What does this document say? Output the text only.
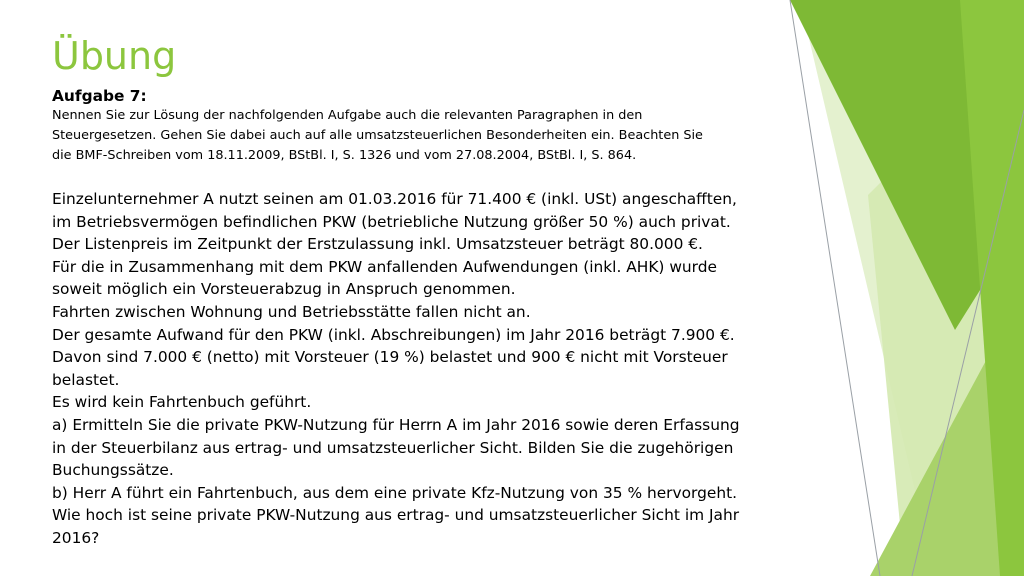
Übung

Aufgabe 7:

Nennen Sie zur Lösung der nachfolgenden Aufgabe auch die relevanten Paragraphen in den
Steuergesetzen. Gehen Sie dabei auch auf alle umsatzsteuerlichen Besonderheiten ein. Beachten Sie
die BMF-Schreiben vom 18.11.2009, BStBl. I, S. 1326 und vom 27.08.2004, BStBl. I, S. 864.

Einzelunternehmer A nutzt seinen am 01.03.2016 für 71.400 € (inkl. USt) angeschafften,
im Betriebsvermögen befindlichen PKW (betriebliche Nutzung größer 50 %) auch privat.
Der Listenpreis im Zeitpunkt der Erstzulassung inkl. Umsatzsteuer beträgt 80.000 €.
Für die in Zusammenhang mit dem PKW anfallenden Aufwendungen (inkl. AHK) wurde
soweit möglich ein Vorsteuerabzug in Anspruch genommen.
Fahrten zwischen Wohnung und Betriebsstätte fallen nicht an.
Der gesamte Aufwand für den PKW (inkl. Abschreibungen) im Jahr 2016 beträgt 7.900 €.
Davon sind 7.000 € (netto) mit Vorsteuer (19 %) belastet und 900 € nicht mit Vorsteuer
belastet.
Es wird kein Fahrtenbuch geführt.
a) Ermitteln Sie die private PKW-Nutzung für Herrn A im Jahr 2016 sowie deren Erfassung
in der Steuerbilanz aus ertrag- und umsatzsteuerlicher Sicht. Bilden Sie die zugehörigen
Buchungssätze.
b) Herr A führt ein Fahrtenbuch, aus dem eine private Kfz-Nutzung von 35 % hervorgeht.
Wie hoch ist seine private PKW-Nutzung aus ertrag- und umsatzsteuerlicher Sicht im Jahr
2016?
